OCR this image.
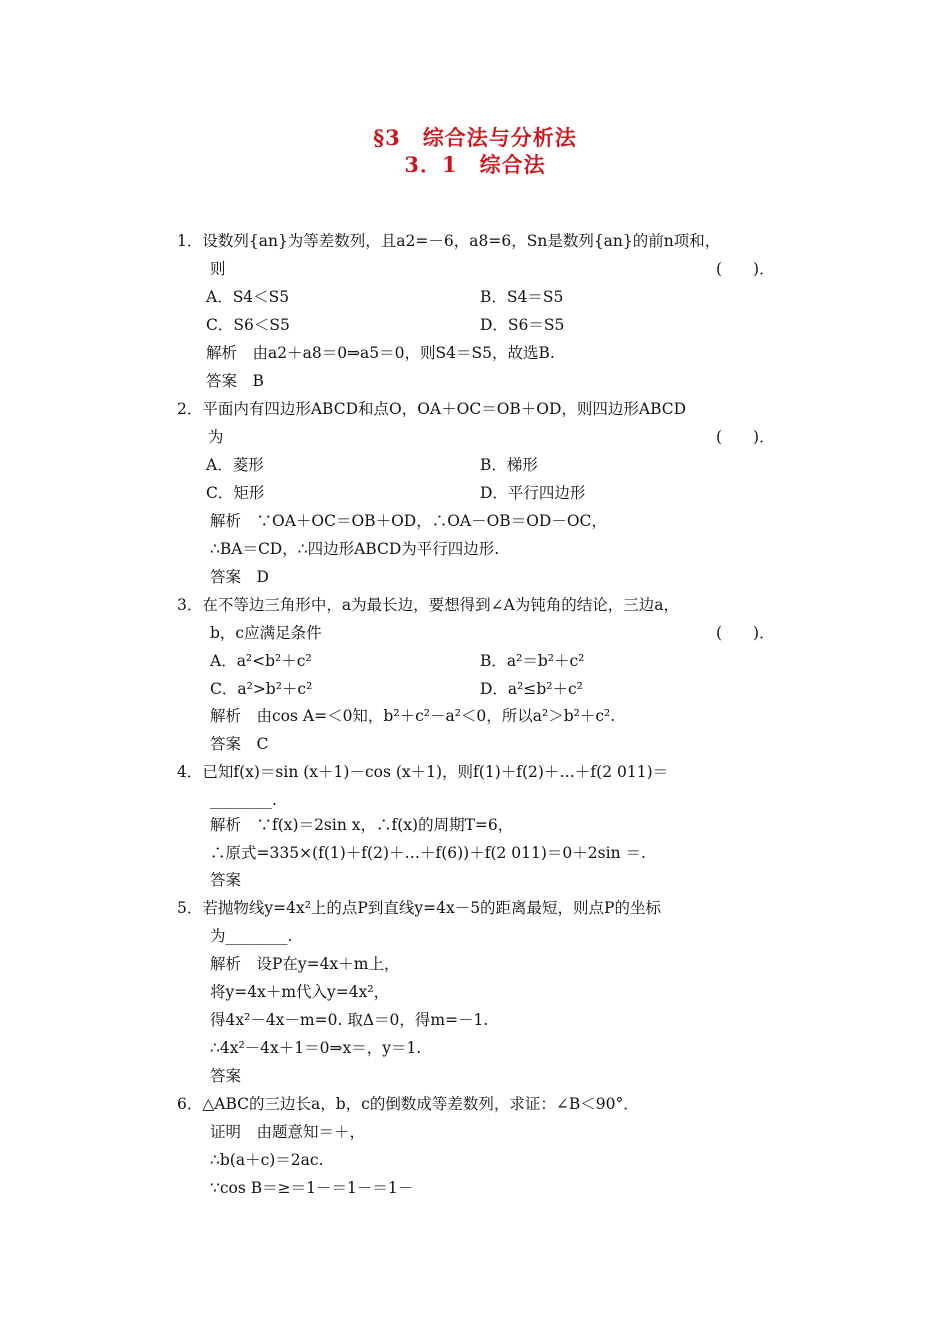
§3　综合法与分析法
3．1　综合法
1．设数列{an}为等差数列，且a2=－6，a8=6，Sn是数列{an}的前n项和，
则	(　　)．
A．S4＜S5	B．S4＝S5
C．S6＜S5	D．S6＝S5
解析　由a2＋a8＝0⇒a5＝0，则S4＝S5，故选B.
答案　B
2．平面内有四边形ABCD和点O，OA＋OC＝OB＋OD，则四边形ABCD
为	(　　)．
A．菱形	B．梯形
C．矩形	D．平行四边形
解析　∵OA＋OC＝OB＋OD，∴OA－OB＝OD－OC，
∴BA＝CD，∴四边形ABCD为平行四边形.
答案　D
3．在不等边三角形中，a为最长边，要想得到∠A为钝角的结论，三边a，
b，c应满足条件	(　　)．
A．a²<b²＋c²	B．a²＝b²＋c²
C．a²>b²＋c²	D．a²≤b²＋c²
解析　由cos A=＜0知，b²＋c²－a²＜0，所以a²＞b²＋c².
答案　C
4．已知f(x)＝sin (x＋1)－cos (x＋1)，则f(1)＋f(2)＋…＋f(2 011)＝
________.
解析　∵f(x)＝2sin x，∴f(x)的周期T=6，
∴原式=335×(f(1)＋f(2)＋…＋f(6))＋f(2 011)＝0＋2sin ＝.
答案
5．若抛物线y=4x²上的点P到直线y=4x－5的距离最短，则点P的坐标
为________.
解析　设P在y=4x＋m上，
将y=4x＋m代入y=4x²，
得4x²－4x－m=0. 取Δ＝0，得m=－1.
∴4x²－4x＋1＝0⇒x＝，y＝1.
答案
6．△ABC的三边长a，b，c的倒数成等差数列，求证：∠B＜90°．
证明　由题意知＝＋，
∴b(a＋c)＝2ac.
∵cos B＝≥＝1－＝1－＝1－
